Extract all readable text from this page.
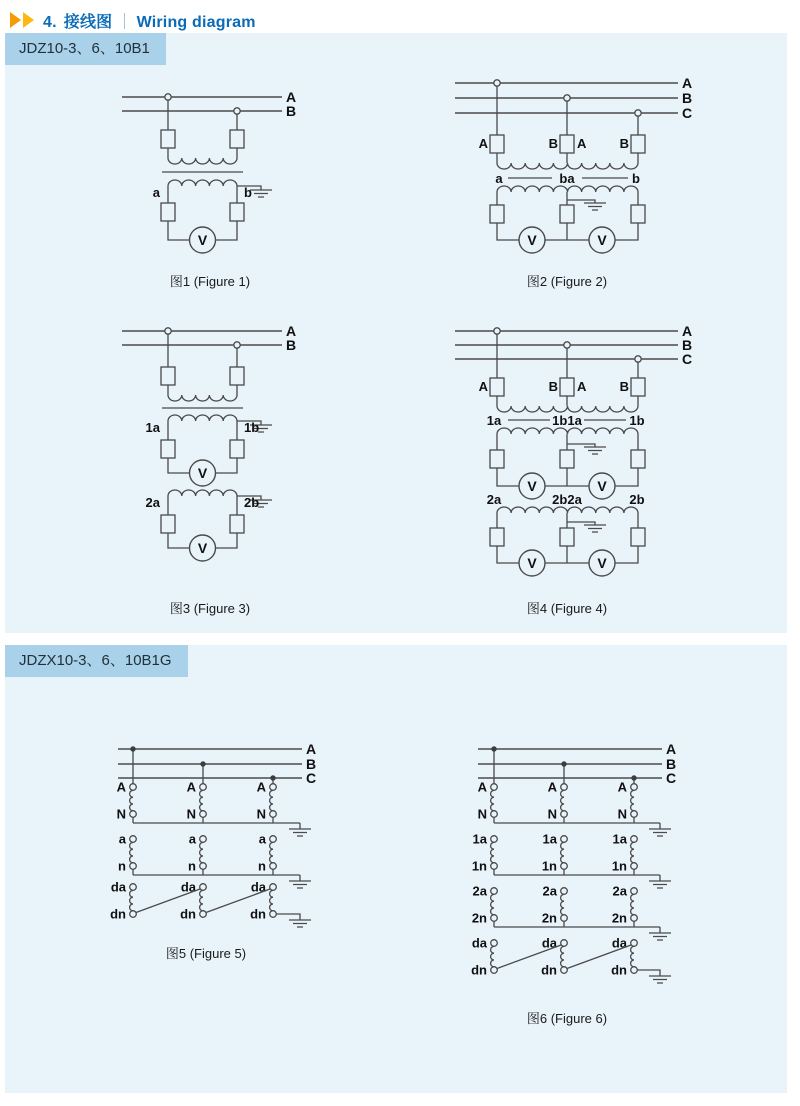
4. 接线图 ｜ Wiring diagram
JDZ10-3、6、10B1
A
B
a	b
V
图1 (Figure 1)
A
B
C
A	B A	B
a	ba	b
V	V
图2 (Figure 2)
A
B
1a	1b
V
2a	2b
V
图3 (Figure 3)
A
B
C
A	B A	B
1a	1b1a	1b
V	V
2a	2b2a	2b
V	V
图4 (Figure 4)
JDZX10-3、6、10B1G
A
B
C
A	A	A
N	N	N
a	a	a
n	n	n
da	da	da
dn	dn	dn
图5 (Figure 5)
A
B
C
A	A	A
N	N	N
1a	1a	1a
1n	1n	1n
2a	2a	2a
2n	2n	2n
da	da	da
dn	dn	dn
图6 (Figure 6)
